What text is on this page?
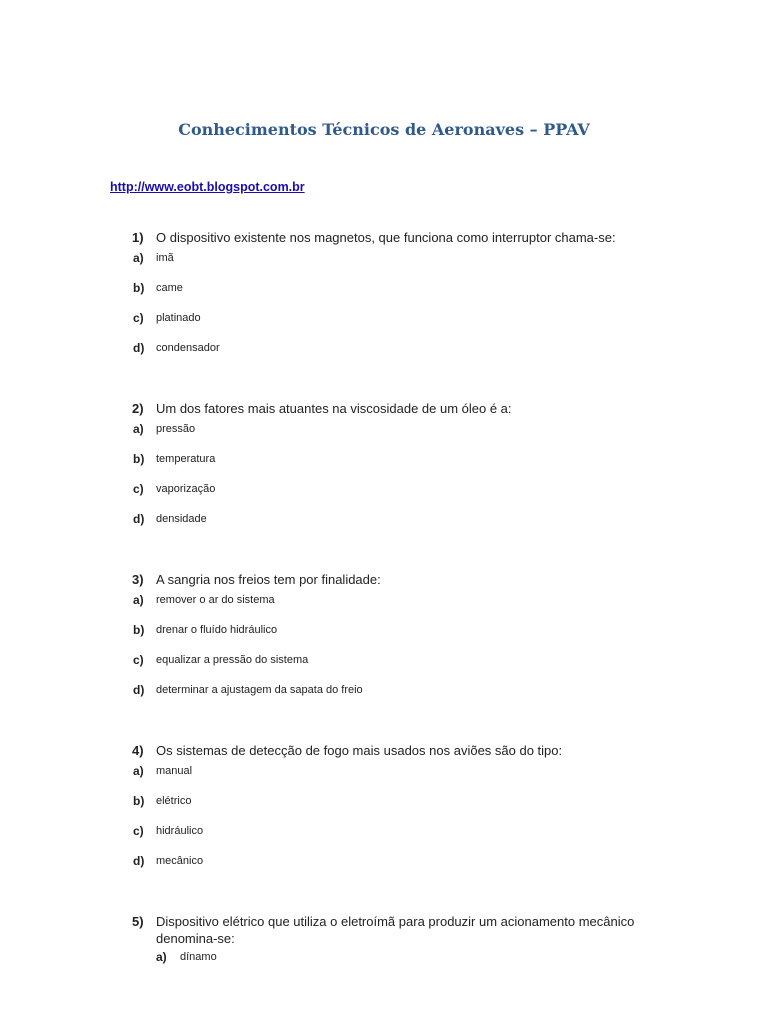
Conhecimentos Técnicos de Aeronaves – PPAV
http://www.eobt.blogspot.com.br
1) O dispositivo existente nos magnetos, que funciona como interruptor chama-se:
a) imã
b) came
c) platinado
d) condensador
2) Um dos fatores mais atuantes na viscosidade de um óleo é a:
a) pressão
b) temperatura
c) vaporização
d) densidade
3) A sangria nos freios tem por finalidade:
a) remover o ar do sistema
b) drenar o fluído hidráulico
c) equalizar a pressão do sistema
d) determinar a ajustagem da sapata do freio
4) Os sistemas de detecção de fogo mais usados nos aviões são do tipo:
a) manual
b) elétrico
c) hidráulico
d) mecânico
5) Dispositivo elétrico que utiliza o eletroímã para produzir um acionamento mecânico denomina-se:
a) dínamo
